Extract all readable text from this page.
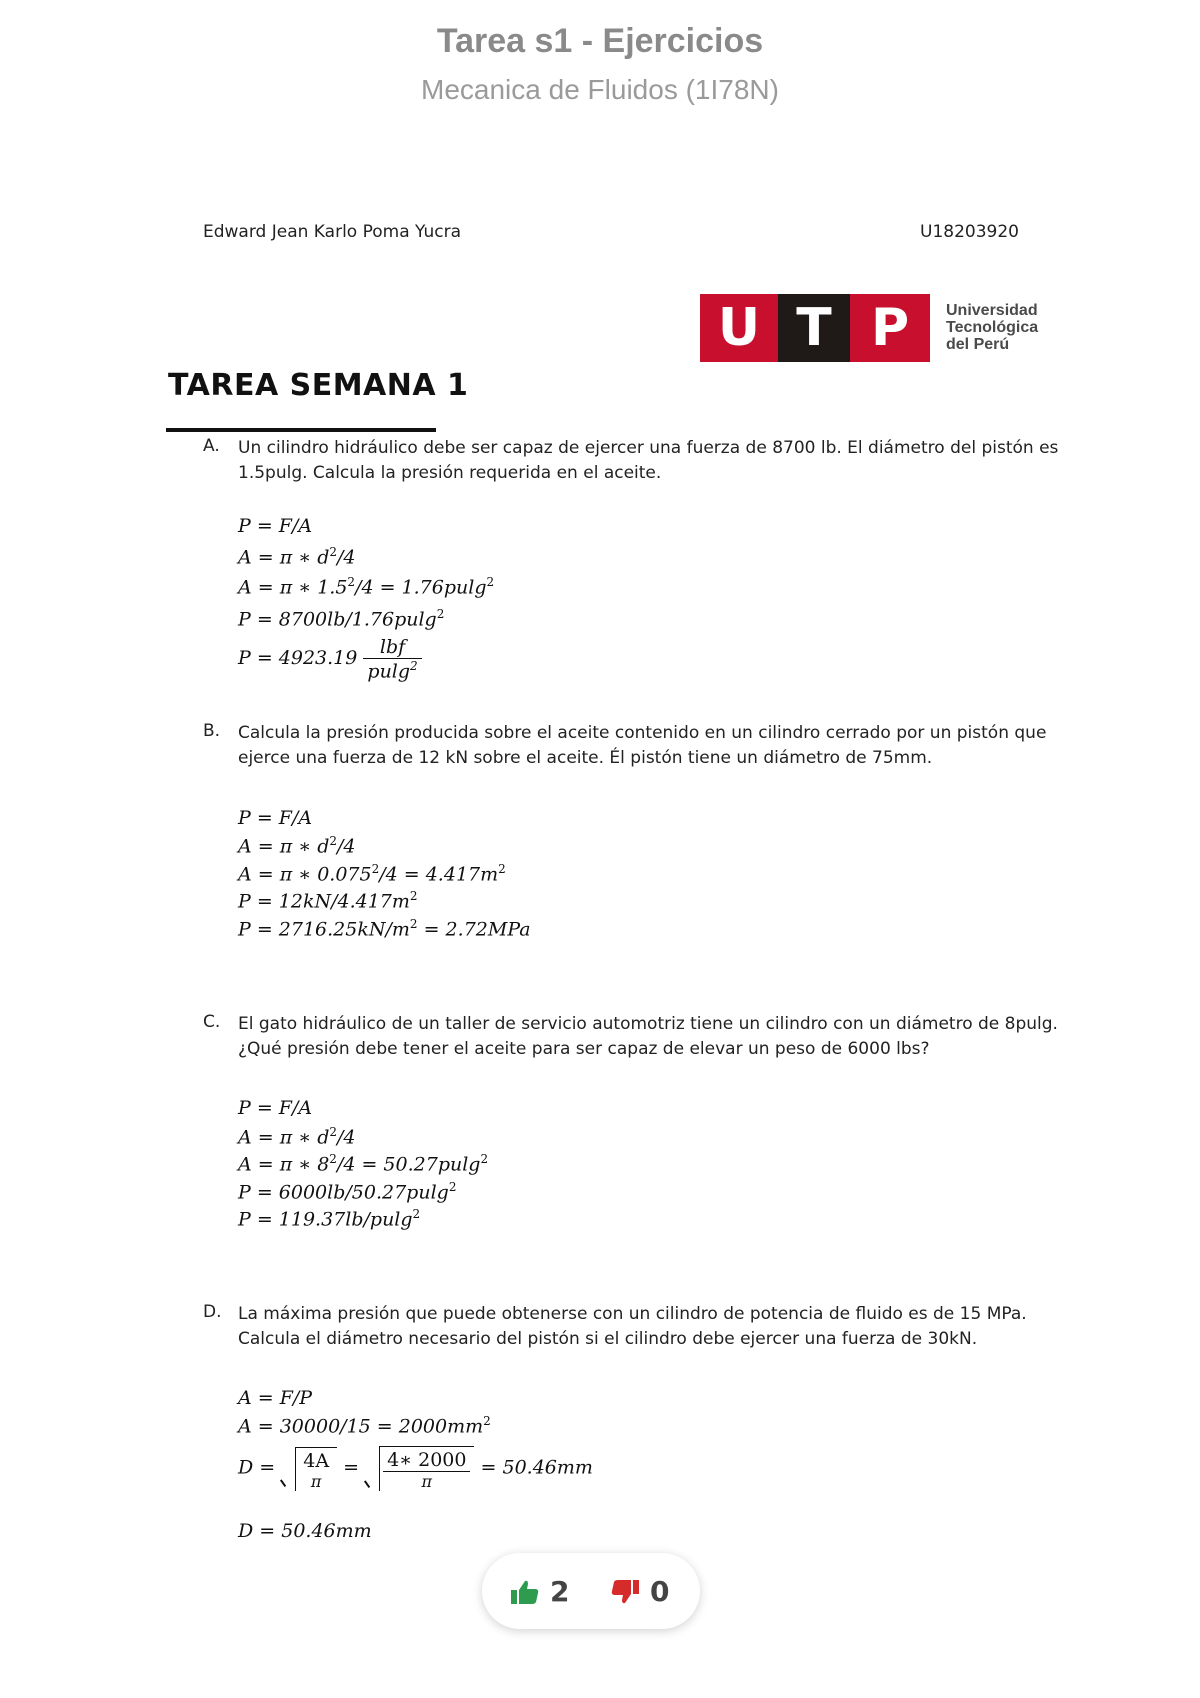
Tarea s1 - Ejercicios
Mecanica de Fluidos (1I78N)
Edward Jean Karlo Poma Yucra	U18203920
U T P	Universidad
Tecnológica
del Perú
TAREA SEMANA 1
A. Un cilindro hidráulico debe ser capaz de ejercer una fuerza de 8700 lb. El diámetro del pistón es
1.5pulg. Calcula la presión requerida en el aceite.
P = F/A
A = π ∗ $d^2/4$
A = π ∗ $1.5^2/4 = 1.76pulg^2$
P = 8700lb/1.76pulg$^2$
$P = 4923.19 \frac{\text{lbf}}{pulg^2}$
B. Calcula la presión producida sobre el aceite contenido en un cilindro cerrado por un pistón que
ejerce una fuerza de 12 kN sobre el aceite. Él pistón tiene un diámetro de 75mm.
P = F/A
A = π ∗ $d^2/4$
A = π ∗ $0.075^2/4 = 4.417m^2$
$P = 12kN/4.417m^2$
$P = 2716.25kN/m^2 = 2.72MPa$
C. El gato hidráulico de un taller de servicio automotriz tiene un cilindro con un diámetro de 8pulg.
¿Qué presión debe tener el aceite para ser capaz de elevar un peso de 6000 lbs?
P = F/A
A = π ∗ $d^2/4$
A = π ∗ $8^2/4 = 50.27pulg^2$
P = 6000lb/50.27pulg$^2$
P = 119.37lb/pulg$^2$
D. La máxima presión que puede obtenerse con un cilindro de potencia de fluido es de 15 MPa.
Calcula el diámetro necesario del pistón si el cilindro debe ejercer una fuerza de 30kN.
A = F/P
$A = 30000/15 = 2000mm^2$
D = 4A
π
= $\frac{4∗ 2000}{\pi} = 50.46mm$
D = 50.46mm
2	0
